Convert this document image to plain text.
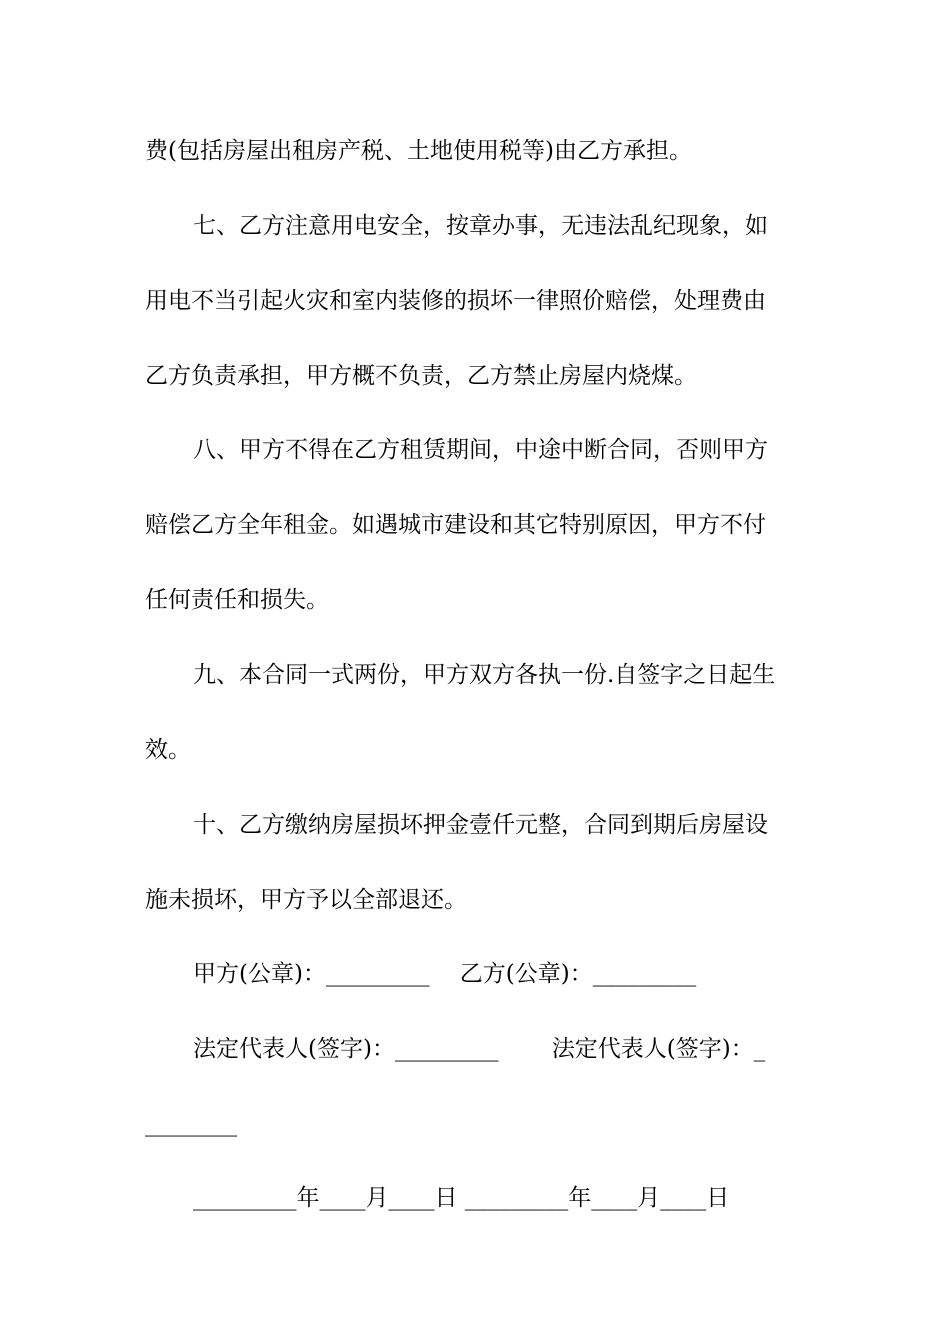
费(包括房屋出租房产税、土地使用税等)由乙方承担。
七、乙方注意用电安全，按章办事，无违法乱纪现象，如
用电不当引起火灾和室内装修的损坏一律照价赔偿，处理费由
乙方负责承担，甲方概不负责，乙方禁止房屋内烧煤。
八、甲方不得在乙方租赁期间，中途中断合同，否则甲方
赔偿乙方全年租金。如遇城市建设和其它特别原因，甲方不付
任何责任和损失。
九、本合同一式两份，甲方双方各执一份.自签字之日起生
效。
十、乙方缴纳房屋损坏押金壹仟元整，合同到期后房屋设
施未损坏，甲方予以全部退还。
甲方(公章)：_________　 乙方(公章)：_________
法定代表人(签字)：_________　　 法定代表人(签字)：_
________
_________年____月____日 _________年____月____日
